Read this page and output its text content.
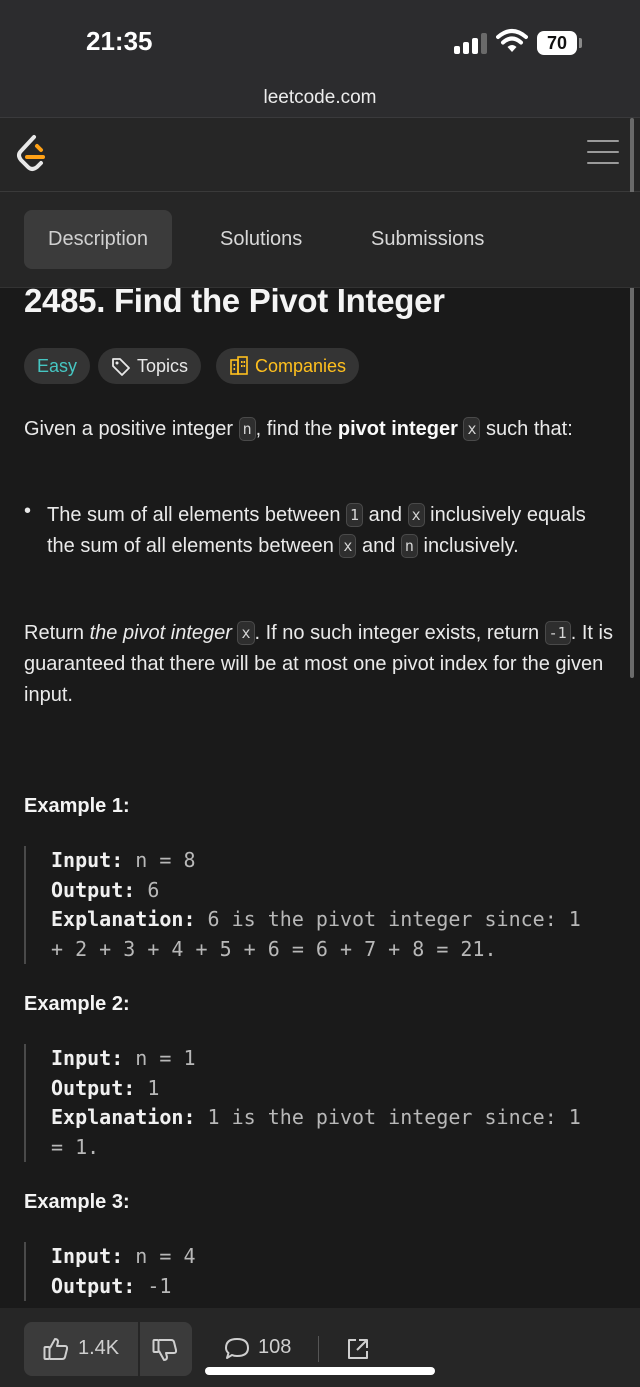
21:35	70
leetcode.com
Description	Solutions	Submissions
2485. Find the Pivot Integer
Easy	Topics	Companies
Given a positive integer n , find the pivot integer x such that:
• The sum of all elements between 1 and x inclusively equals the sum of all elements between x and n inclusively.
Return the pivot integer x . If no such integer exists, return -1 . It is guaranteed that there will be at most one pivot index for the given input.
Example 1:
Input: n = 8
Output: 6
Explanation: 6 is the pivot integer since: 1
+ 2 + 3 + 4 + 5 + 6 = 6 + 7 + 8 = 21.
Example 2:
Input: n = 1
Output: 1
Explanation: 1 is the pivot integer since: 1
= 1.
Example 3:
Input: n = 4
Output: -1
1.4K	108
